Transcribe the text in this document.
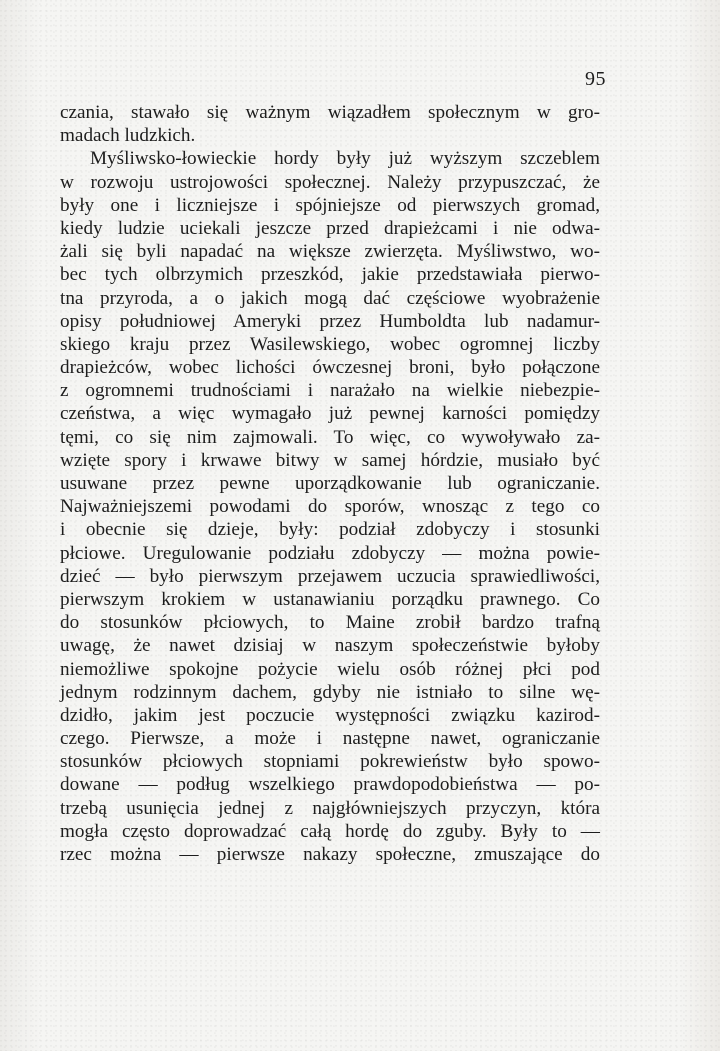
95
czania, stawało się ważnym wiązadłem społecznym w gro-
madach ludzkich.
Myśliwsko-łowieckie hordy były już wyższym szczeblem
w rozwoju ustrojowości społecznej. Należy przypuszczać, że
były one i liczniejsze i spójniejsze od pierwszych gromad,
kiedy ludzie uciekali jeszcze przed drapieżcami i nie odwa-
żali się byli napadać na większe zwierzęta. Myśliwstwo, wo-
bec tych olbrzymich przeszkód, jakie przedstawiała pierwo-
tna przyroda, a o jakich mogą dać częściowe wyobrażenie
opisy południowej Ameryki przez Humboldta lub nadamur-
skiego kraju przez Wasilewskiego, wobec ogromnej liczby
drapieżców, wobec lichości ówczesnej broni, było połączone
z ogromnemi trudnościami i narażało na wielkie niebezpie-
czeństwa, a więc wymagało już pewnej karności pomiędzy
tęmi, co się nim zajmowali. To więc, co wywoływało za-
wzięte spory i krwawe bitwy w samej hórdzie, musiało być
usuwane przez pewne uporządkowanie lub ograniczanie.
Najważniejszemi powodami do sporów, wnosząc z tego co
i obecnie się dzieje, były: podział zdobyczy i stosunki
płciowe. Uregulowanie podziału zdobyczy — można powie-
dzieć — było pierwszym przejawem uczucia sprawiedliwości,
pierwszym krokiem w ustanawianiu porządku prawnego. Co
do stosunków płciowych, to Maine zrobił bardzo trafną
uwagę, że nawet dzisiaj w naszym społeczeństwie byłoby
niemożliwe spokojne pożycie wielu osób różnej płci pod
jednym rodzinnym dachem, gdyby nie istniało to silne wę-
dzidło, jakim jest poczucie występności związku kazirod-
czego. Pierwsze, a może i następne nawet, ograniczanie
stosunków płciowych stopniami pokrewieństw było spowo-
dowane — podług wszelkiego prawdopodobieństwa — po-
trzebą usunięcia jednej z najgłówniejszych przyczyn, która
mogła często doprowadzać całą hordę do zguby. Były to —
rzec można — pierwsze nakazy społeczne, zmuszające do
